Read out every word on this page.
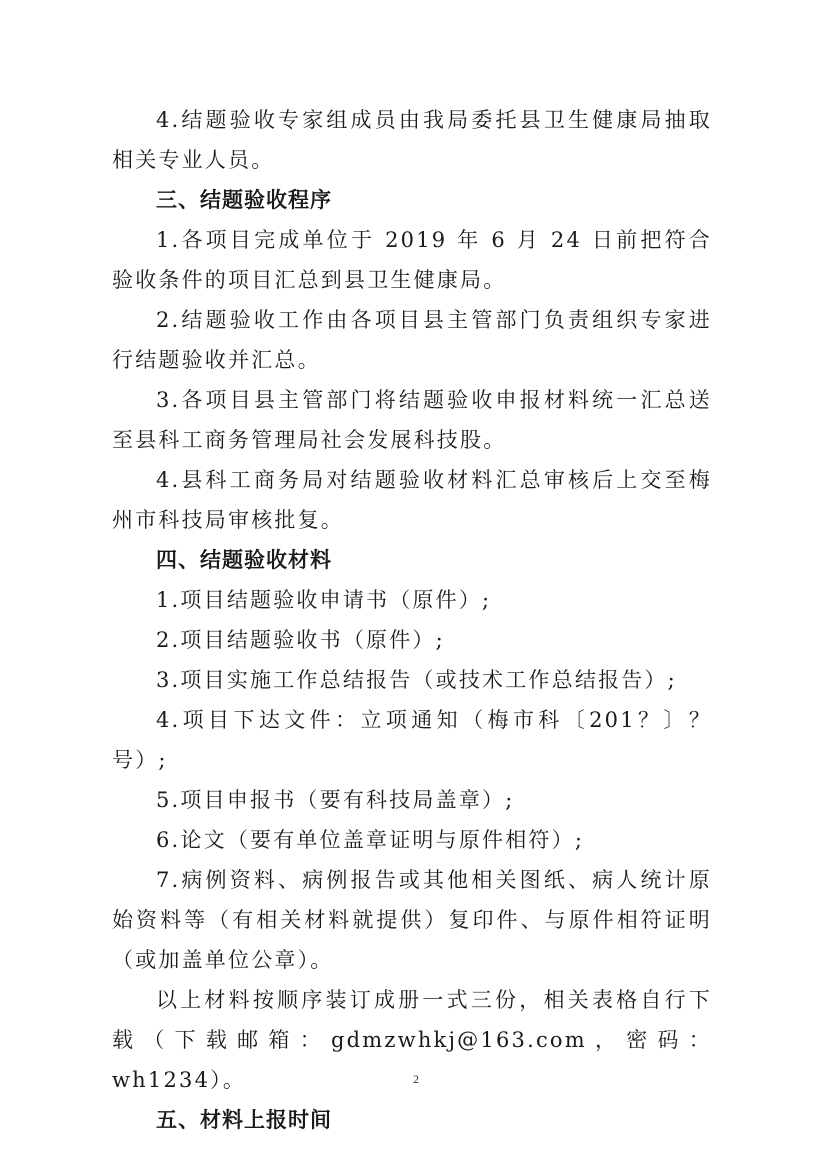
4.结题验收专家组成员由我局委托县卫生健康局抽取相关专业人员。

三、结题验收程序

1.各项目完成单位于 2019 年 6 月 24 日前把符合验收条件的项目汇总到县卫生健康局。

2.结题验收工作由各项目县主管部门负责组织专家进行结题验收并汇总。

3.各项目县主管部门将结题验收申报材料统一汇总送至县科工商务管理局社会发展科技股。

4.县科工商务局对结题验收材料汇总审核后上交至梅州市科技局审核批复。

四、结题验收材料

1.项目结题验收申请书（原件）;

2.项目结题验收书（原件）;

3.项目实施工作总结报告（或技术工作总结报告）;

4.项目下达文件：立项通知（梅市科〔201？〕？号）;

5.项目申报书（要有科技局盖章）;

6.论文（要有单位盖章证明与原件相符）;

7.病例资料、病例报告或其他相关图纸、病人统计原始资料等（有相关材料就提供）复印件、与原件相符证明（或加盖单位公章）。

以上材料按顺序装订成册一式三份，相关表格自行下载（下载邮箱：gdmzwhkj@163.com，密码：wh1234）。

五、材料上报时间

2
